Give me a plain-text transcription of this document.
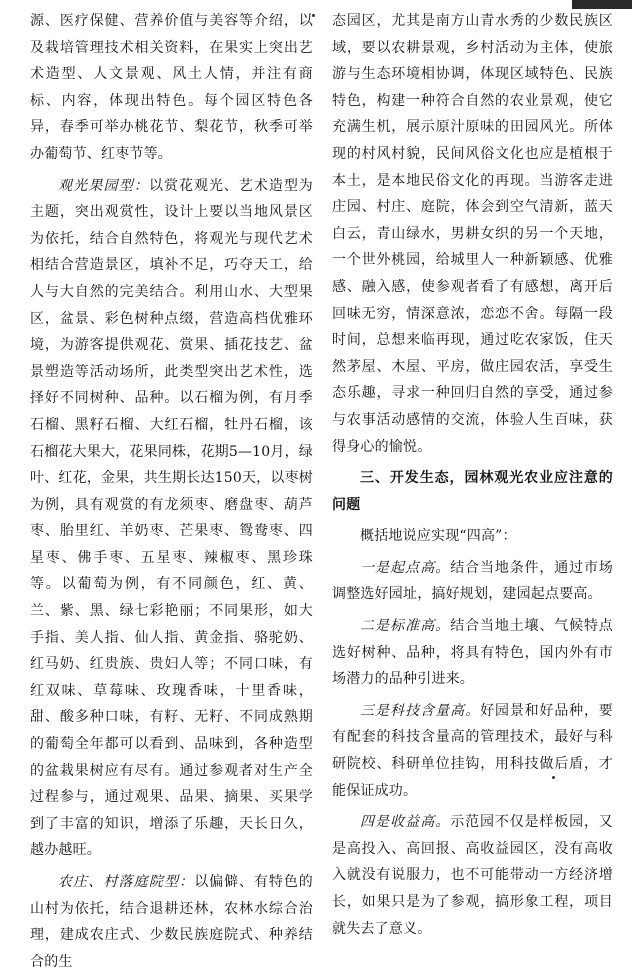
源、医疗保健、营养价值与美容等介绍，以及栽培管理技术相关资料，在果实上突出艺术造型、人文景观、风土人情，并注有商标、内容，体现出特色。每个园区特色各异，春季可举办桃花节、梨花节，秋季可举办葡萄节、红枣节等。

观光果园型：以赏花观光、艺术造型为主题，突出观赏性，设计上要以当地风景区为依托，结合自然特色，将观光与现代艺术相结合营造景区，填补不足，巧夺天工，给人与大自然的完美结合。利用山水、大型果区，盆景、彩色树种点缀，营造高档优雅环境，为游客提供观花、赏果、插花技艺、盆景塑造等活动场所，此类型突出艺术性，选择好不同树种、品种。以石榴为例，有月季石榴、黑籽石榴、大红石榴，牡丹石榴，该石榴花大果大，花果同株，花期5—10月，绿叶、红花，金果，共生期长达150天，以枣树为例，具有观赏的有龙须枣、磨盘枣、葫芦枣、胎里红、羊奶枣、芒果枣、鸳鸯枣、四星枣、佛手枣、五星枣、辣椒枣、黑珍珠等。以葡萄为例，有不同颜色，红、黄、兰、紫、黑、绿七彩艳丽；不同果形，如大手指、美人指、仙人指、黄金指、骆驼奶、红马奶、红贵族、贵妇人等；不同口味，有红双味、草莓味、玫瑰香味，十里香味，甜、酸多种口味，有籽、无籽、不同成熟期的葡萄全年都可以看到、品味到，各种造型的盆栽果树应有尽有。通过参观者对生产全过程参与，通过观果、品果、摘果、买果学到了丰富的知识，增添了乐趣，天长日久，越办越旺。

农庄、村落庭院型：以偏僻、有特色的山村为依托，结合退耕还林，农林水综合治理，建成农庄式、少数民族庭院式、种养结合的生

态园区，尤其是南方山青水秀的少数民族区域，要以农耕景观，乡村活动为主体，使旅游与生态环境相协调，体现区域特色、民族特色，构建一种符合自然的农业景观，使它充满生机，展示原汁原味的田园风光。所体现的村风村貌，民间风俗文化也应是植根于本土，是本地民俗文化的再现。当游客走进庄园、村庄、庭院，体会到空气清新，蓝天白云，青山绿水，男耕女织的另一个天地，一个世外桃园，给城里人一种新颖感、优雅感、融入感，使参观者看了有感想，离开后回味无穷，情深意浓，恋恋不舍。每隔一段时间，总想来临再现，通过吃农家饭，住天然茅屋、木屋、平房，做庄园农活，享受生态乐趣，寻求一种回归自然的享受，通过参与农事活动感情的交流，体验人生百味，获得身心的愉悦。

三、开发生态，园林观光农业应注意的问题

概括地说应实现“四高”：

一是起点高。结合当地条件，通过市场调整选好园址，搞好规划，建园起点要高。

二是标准高。结合当地土壤、气候特点选好树种、品种，将具有特色，国内外有市场潜力的品种引进来。

三是科技含量高。好园景和好品种，要有配套的科技含量高的管理技术，最好与科研院校、科研单位挂钩，用科技做后盾，才能保证成功。

四是收益高。示范园不仅是样板园，又是高投入、高回报、高收益园区，没有高收入就没有说服力，也不可能带动一方经济增长，如果只是为了参观，搞形象工程，项目就失去了意义。
